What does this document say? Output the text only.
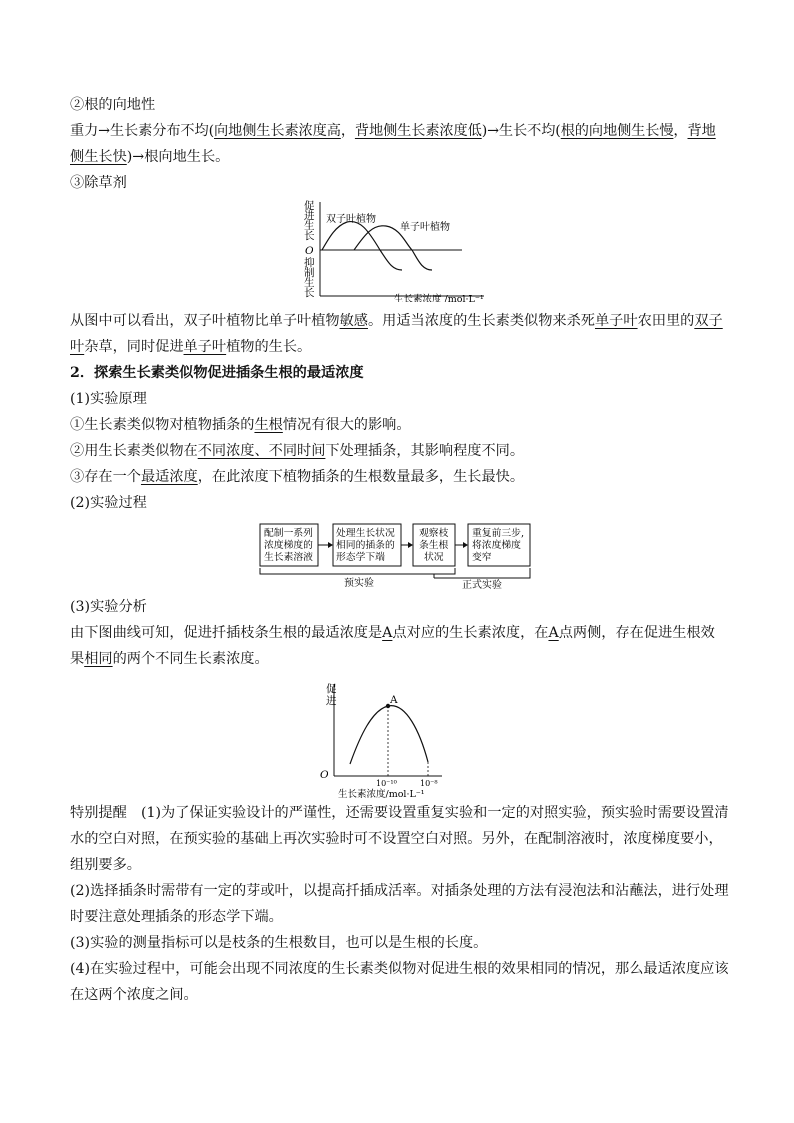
②根的向地性
重力→生长素分布不均(向地侧生长素浓度高，背地侧生长素浓度低)→生长不均(根的向地侧生长慢，背地
侧生长快)→根向地生长。
③除草剂
促
进
生
长
O
抑
制
生
长
双子叶植物
单子叶植物
生长素浓度 /mol·L⁻¹
从图中可以看出，双子叶植物比单子叶植物敏感。用适当浓度的生长素类似物来杀死单子叶农田里的双子
叶杂草，同时促进单子叶植物的生长。
2．探索生长素类似物促进插条生根的最适浓度
(1)实验原理
①生长素类似物对植物插条的生根情况有很大的影响。
②用生长素类似物在不同浓度、不同时间下处理插条，其影响程度不同。
③存在一个最适浓度，在此浓度下植物插条的生根数量最多，生长最快。
(2)实验过程
配制一系列
浓度梯度的
生长素溶液
处理生长状况
相同的插条的
形态学下端
观察枝
条生根
状况
重复前三步,
将浓度梯度
变窄
预实验	正式实验
(3)实验分析
由下图曲线可知，促进扦插枝条生根的最适浓度是A点对应的生长素浓度，在A点两侧，存在促进生根效
果相同的两个不同生长素浓度。
促
进
O
A
10⁻¹⁰	10⁻⁸
生长素浓度/mol·L⁻¹
特别提醒　(1)为了保证实验设计的严谨性，还需要设置重复实验和一定的对照实验，预实验时需要设置清
水的空白对照，在预实验的基础上再次实验时可不设置空白对照。另外，在配制溶液时，浓度梯度要小，
组别要多。
(2)选择插条时需带有一定的芽或叶，以提高扦插成活率。对插条处理的方法有浸泡法和沾蘸法，进行处理
时要注意处理插条的形态学下端。
(3)实验的测量指标可以是枝条的生根数目，也可以是生根的长度。
(4)在实验过程中，可能会出现不同浓度的生长素类似物对促进生根的效果相同的情况，那么最适浓度应该
在这两个浓度之间。
